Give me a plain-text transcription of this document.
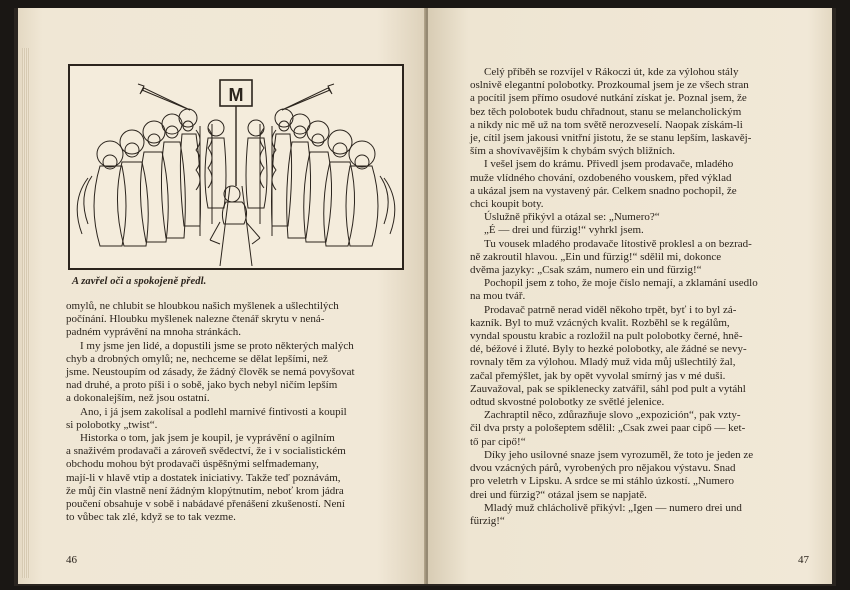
M
A zavřel oči a spokojeně předl.

omylů, ne chlubit se hloubkou našich myšlenek a ušlechtilých

počínání. Hloubku myšlenek nalezne čtenář skrytu v nená-

padném vyprávění na mnoha stránkách.

I my jsme jen lidé, a dopustili jsme se proto některých malých

chyb a drobných omylů; ne, nechceme se dělat lepšími, než

jsme. Neustoupím od zásady, že žádný člověk se nemá povyšovat

nad druhé, a proto píši i o sobě, jako bych nebyl ničím lepším

a dokonalejším, než jsou ostatní.

Ano, i já jsem zakolísal a podlehl marnivé fintivosti a koupil

si polobotky „twist“.

Historka o tom, jak jsem je koupil, je vyprávění o agilním

a snaživém prodavači a zároveň svědectví, že i v socialistickém

obchodu mohou být prodavači úspěšnými selfmademany,

mají-li v hlavě vtip a dostatek iniciativy. Takže teď poznávám,

že můj čin vlastně není žádným klopýtnutím, neboť krom jádra

poučení obsahuje v sobě i nabádavé přenášení zkušeností. Není

to vůbec tak zlé, když se to tak vezme.

46

Celý příběh se rozvíjel v Rákoczi út, kde za výlohou stály

oslnivě elegantní polobotky. Prozkoumal jsem je ze všech stran

a pocítil jsem přímo osudové nutkání získat je. Poznal jsem, že

bez těch polobotek budu chřadnout, stanu se melancholickým

a nikdy nic mě už na tom světě nerozveselí. Naopak získám-li

je, cítil jsem jakousi vnitřní jistotu, že se stanu lepším, laskavěj-

ším a shovívavějším k chybám svých bližních.

I vešel jsem do krámu. Přivedl jsem prodavače, mladého

muže vlídného chování, ozdobeného vouskem, před výklad

a ukázal jsem na vystavený pár. Celkem snadno pochopil, že

chci koupit boty.

Úslužně přikývl a otázal se: „Numero?“

„É — drei und fürzig!“ vyhrkl jsem.

Tu vousek mladého prodavače lítostivě proklesl a on bezrad-

ně zakroutil hlavou. „Ein und fürzig!“ sdělil mi, dokonce

dvěma jazyky: „Csak szám, numero ein und fürzig!“

Pochopil jsem z toho, že moje číslo nemají, a zklamání usedlo

na mou tvář.

Prodavač patrně nerad viděl někoho trpět, byť i to byl zá-

kazník. Byl to muž vzácných kvalit. Rozběhl se k regálům,

vyndal spoustu krabic a rozložil na pult polobotky černé, hně-

dé, béžové i žluté. Byly to hezké polobotky, ale žádné se nevy-

rovnaly těm za výlohou. Mladý muž vida můj ušlechtilý žal,

začal přemýšlet, jak by opět vyvolal smírný jas v mé duši.

Zauvažoval, pak se spiklenecky zatvářil, sáhl pod pult a vytáhl

odtud skvostné polobotky ze světlé jelenice.

Zachraptil něco, zdůrazňuje slovo „expozición“, pak vzty-

čil dva prsty a pološeptem sdělil: „Csak zwei paar cipő — ket-

tő par cipő!“

Díky jeho usilovné snaze jsem vyrozuměl, že toto je jeden ze

dvou vzácných párů, vyrobených pro nějakou výstavu. Snad

pro veletrh v Lipsku. A srdce se mi stáhlo úzkostí. „Numero

drei und fürzig?“ otázal jsem se napjatě.

Mladý muž chlácholivě přikývl: „Igen — numero drei und

fürzig!“

47
